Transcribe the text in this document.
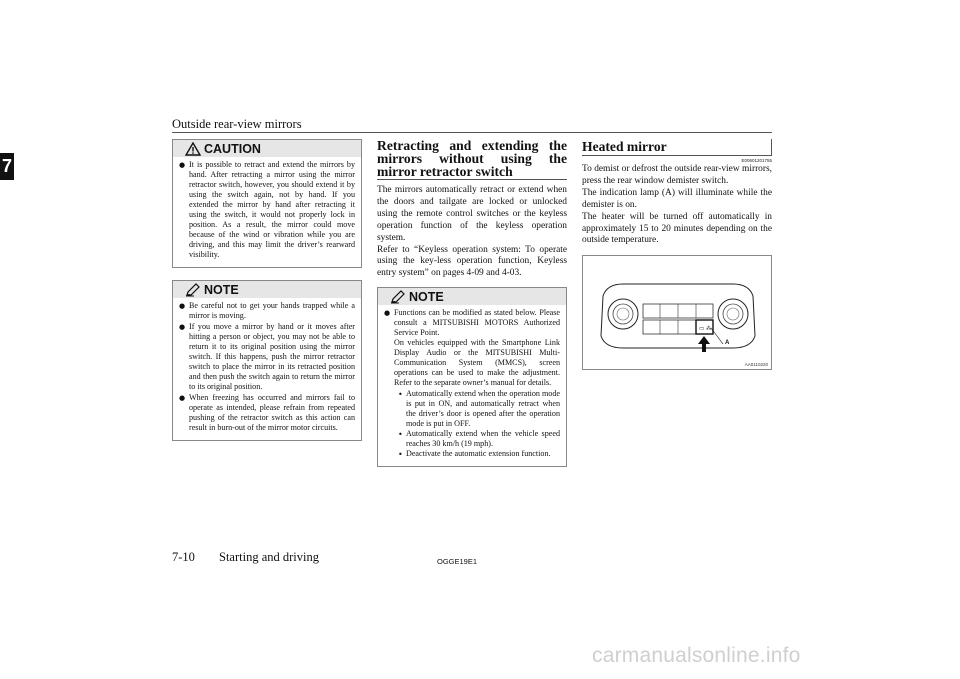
Outside rear-view mirrors
7
CAUTION
● It is possible to retract and extend the mirrors by hand. After retracting a mirror using the mirror retractor switch, however, you should extend it by using the switch again, not by hand. If you extended the mirror by hand after retracting it using the switch, it would not properly lock in position. As a result, the mirror could move because of the wind or vibration while you are driving, and this may limit the driver’s rearward visibility.
NOTE
● Be careful not to get your hands trapped while a mirror is moving.
● If you move a mirror by hand or it moves after hitting a person or object, you may not be able to return it to its original position using the mirror switch. If this happens, push the mirror retractor switch to place the mirror in its retracted position and then push the switch again to return the mirror to its original position.
● When freezing has occurred and mirrors fail to operate as intended, please refrain from repeated pushing of the retractor switch as this action can result in burn-out of the mirror motor circuits.
Retracting and extending the mirrors without using the mirror retractor switch

The mirrors automatically retract or extend when the doors and tailgate are locked or unlocked using the remote control switches or the keyless operation function of the keyless operation system.

Refer to “Keyless operation system: To operate using the key-less operation function, Keyless entry system” on pages 4-09 and 4-03.

NOTE
● Functions can be modified as stated below. Please consult a MITSUBISHI MOTORS Authorized Service Point.

On vehicles equipped with the Smartphone Link Display Audio or the MITSUBISHI Multi-Communication System (MMCS), screen operations can be used to make the adjustment. Refer to the separate owner’s manual for details.

• Automatically extend when the operation mode is put in ON, and automatically retract when the driver’s door is opened after the operation mode is put in OFF.
• Automatically extend when the vehicle speed reaches 30 km/h (19 mph).
• Deactivate the automatic extension function.
Heated mirror
E00601201755

To demist or defrost the outside rear-view mirrors, press the rear window demister switch.

The indication lamp (A) will illuminate while the demister is on.

The heater will be turned off automatically in approximately 15 to 20 minutes depending on the outside temperature.

▭ ⁂
A
AA0110220
7-10 Starting and driving	OGGE19E1
carmanualsonline.info
